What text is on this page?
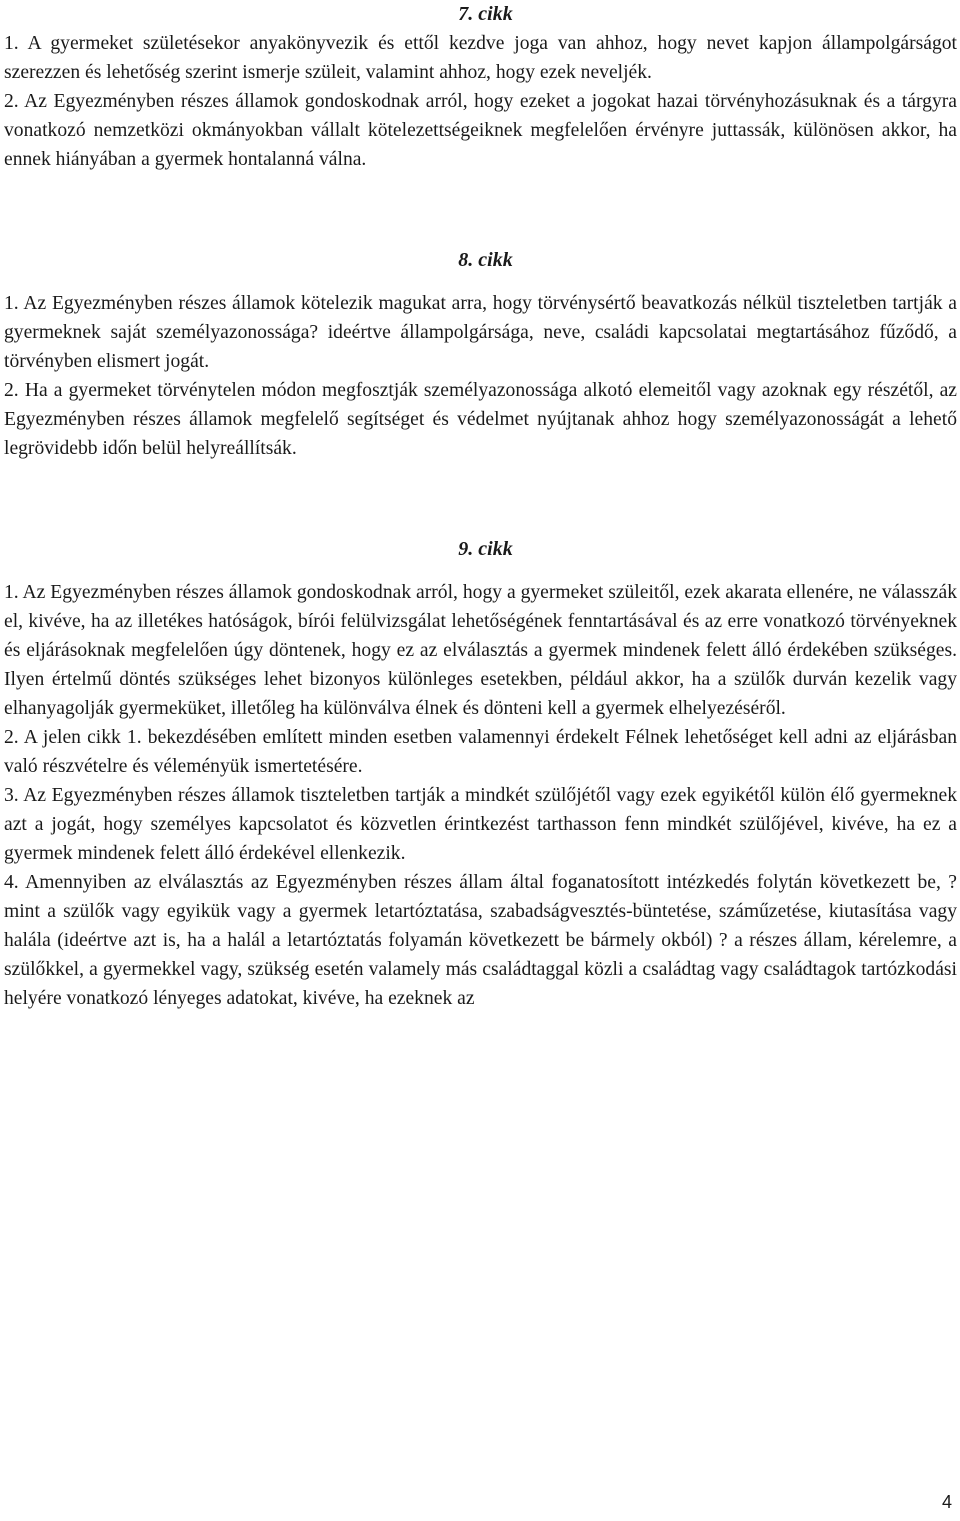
7. cikk

1. A gyermeket születésekor anyakönyvezik és ettől kezdve joga van ahhoz, hogy nevet kapjon állampolgárságot szerezzen és lehetőség szerint ismerje szüleit, valamint ahhoz, hogy ezek neveljék.

2. Az Egyezményben részes államok gondoskodnak arról, hogy ezeket a jogokat hazai törvényhozásuknak és a tárgyra vonatkozó nemzetközi okmányokban vállalt kötelezettségeiknek megfelelően érvényre juttassák, különösen akkor, ha ennek hiányában a gyermek hontalanná válna.

8. cikk

1. Az Egyezményben részes államok kötelezik magukat arra, hogy törvénysértő beavatkozás nélkül tiszteletben tartják a gyermeknek saját személyazonossága? ideértve állampolgársága, neve, családi kapcsolatai megtartásához fűződő, a törvényben elismert jogát.

2. Ha a gyermeket törvénytelen módon megfosztják személyazonossága alkotó elemeitől vagy azoknak egy részétől, az Egyezményben részes államok megfelelő segítséget és védelmet nyújtanak ahhoz hogy személyazonosságát a lehető legrövidebb időn belül helyreállítsák.

9. cikk

1. Az Egyezményben részes államok gondoskodnak arról, hogy a gyermeket szüleitől, ezek akarata ellenére, ne válasszák el, kivéve, ha az illetékes hatóságok, bírói felülvizsgálat lehetőségének fenntartásával és az erre vonatkozó törvényeknek és eljárásoknak megfelelően úgy döntenek, hogy ez az elválasztás a gyermek mindenek felett álló érdekében szükséges. Ilyen értelmű döntés szükséges lehet bizonyos különleges esetekben, például akkor, ha a szülők durván kezelik vagy elhanyagolják gyermeküket, illetőleg ha különválva élnek és dönteni kell a gyermek elhelyezéséről.

2. A jelen cikk 1. bekezdésében említett minden esetben valamennyi érdekelt Félnek lehetőséget kell adni az eljárásban való részvételre és véleményük ismertetésére.

3. Az Egyezményben részes államok tiszteletben tartják a mindkét szülőjétől vagy ezek egyikétől külön élő gyermeknek azt a jogát, hogy személyes kapcsolatot és közvetlen érintkezést tarthasson fenn mindkét szülőjével, kivéve, ha ez a gyermek mindenek felett álló érdekével ellenkezik.

4. Amennyiben az elválasztás az Egyezményben részes állam által foganatosított intézkedés folytán következett be, ? mint a szülők vagy egyikük vagy a gyermek letartóztatása, szabadságvesztés-büntetése, száműzetése, kiutasítása vagy halála (ideértve azt is, ha a halál a letartóztatás folyamán következett be bármely okból) ? a részes állam, kérelemre, a szülőkkel, a gyermekkel vagy, szükség esetén valamely más családtaggal közli a családtag vagy családtagok tartózkodási helyére vonatkozó lényeges adatokat, kivéve, ha ezeknek az

4
